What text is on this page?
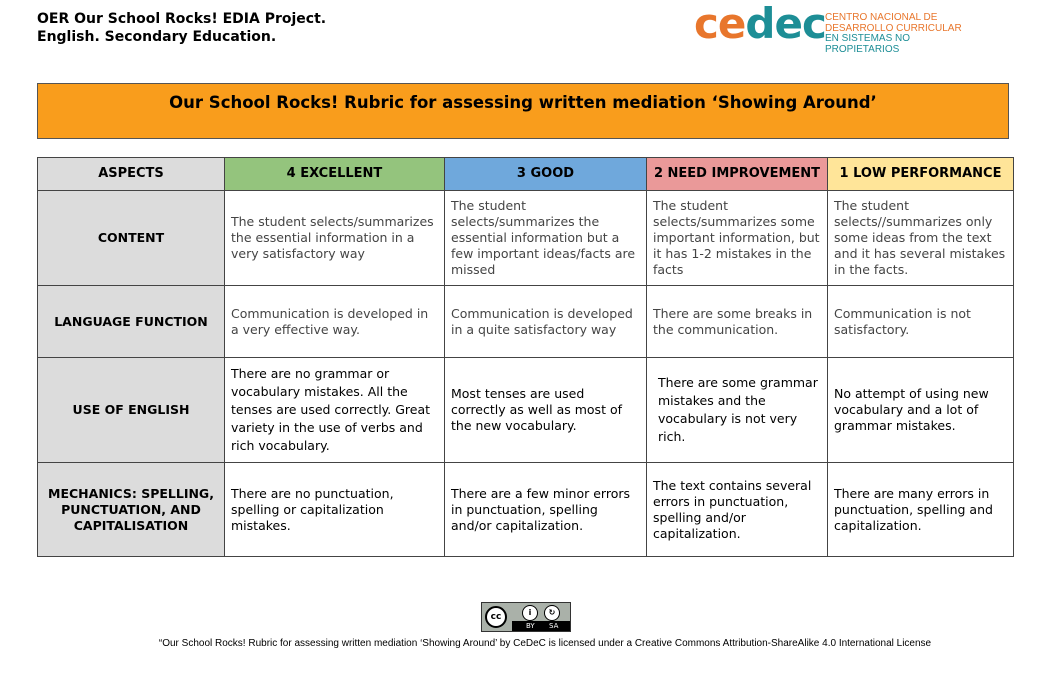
OER Our School Rocks! EDIA Project.
English. Secondary Education.	cedec CENTRO NACIONAL DE
DESARROLLO CURRICULAR
EN SISTEMAS NO PROPIETARIOS
Our School Rocks! Rubric for assessing written mediation ‘Showing Around’
ASPECTS	4 EXCELLENT	3 GOOD	2 NEED IMPROVEMENT	1 LOW PERFORMANCE
CONTENT	The student selects/summarizes the essential information in a very satisfactory way	The student selects/summarizes the essential information but a few important ideas/facts are missed	The student selects/summarizes some important information, but it has 1-2 mistakes in the facts	The student selects//summarizes only some ideas from the text and it has several mistakes in the facts.
LANGUAGE FUNCTION	Communication is developed in a very effective way.	Communication is developed in a quite satisfactory way	There are some breaks in the communication.	Communication is not satisfactory.
USE OF ENGLISH	There are no grammar or vocabulary mistakes. All the tenses are used correctly. Great variety in the use of verbs and rich vocabulary.	Most tenses are used correctly as well as most of the new vocabulary.	There are some grammar mistakes and the vocabulary is not very rich.	No attempt of using new vocabulary and a lot of grammar mistakes.
MECHANICS: SPELLING, PUNCTUATION, AND CAPITALISATION	There are no punctuation, spelling or capitalization mistakes.	There are a few minor errors in punctuation, spelling and/or capitalization.	The text contains several errors in punctuation, spelling and/or capitalization.	There are many errors in punctuation, spelling and capitalization.
cc	i	↻
BY SA
“Our School Rocks! Rubric for assessing written mediation ‘Showing Around’ by CeDeC is licensed under a Creative Commons Attribution-ShareAlike 4.0 International License
